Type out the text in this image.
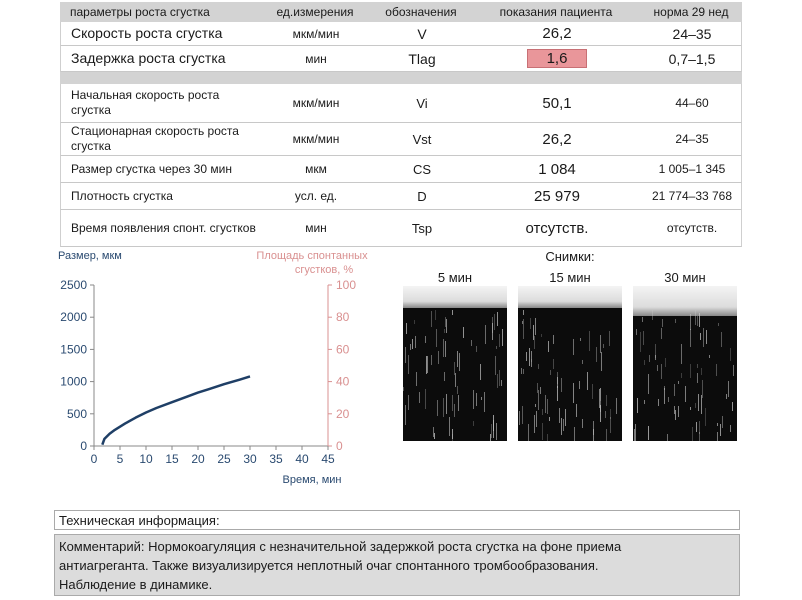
параметры роста сгустка	ед.измерения	обозначения	показания пациента	норма 29 нед
Скорость роста сгустка	мкм/мин	V	26,2	24–35
Задержка роста сгустка	мин	Tlag	1,6	0,7–1,5
Начальная скорость роста сгустка	мкм/мин	Vi	50,1	44–60
Стационарная скорость роста сгустка	мкм/мин	Vst	26,2	24–35
Размер сгустка через 30 мин	мкм	CS	1 084	1 005–1 345
Плотность сгустка	усл. ед.	D	25 979	21 774–33 768
Время появления спонт. сгустков	мин	Tsp	отсутств.	отсутств.
Размер, мкм	Площадь спонтанных
сгустков, %
Время, мин
0
500
1000
1500
2000
2500
0
20
40
60
80
100
0 5 10 15 20 25 30 35 40 45
Снимки:
5 мин	15 мин	30 мин
Техническая информация:
Комментарий: Нормокоагуляция с незначительной задержкой роста сгустка на фоне приема
антиагреганта. Также визуализируется неплотный очаг спонтанного тромбообразования.
Наблюдение в динамике.
